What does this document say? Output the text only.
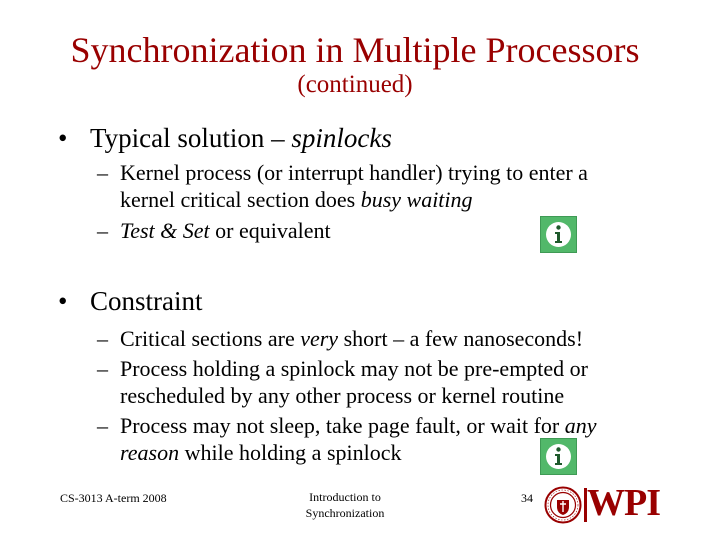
Synchronization in Multiple Processors
(continued)
• Typical solution – spinlocks
– Kernel process (or interrupt handler) trying to enter a
kernel critical section does busy waiting
– Test & Set or equivalent
• Constraint
– Critical sections are very short – a few nanoseconds!
– Process holding a spinlock may not be pre-empted or
rescheduled by any other process or kernel routine
– Process may not sleep, take page fault, or wait for any
reason while holding a spinlock
CS-3013 A-term 2008	Introduction to
Synchronization
34 WPI
